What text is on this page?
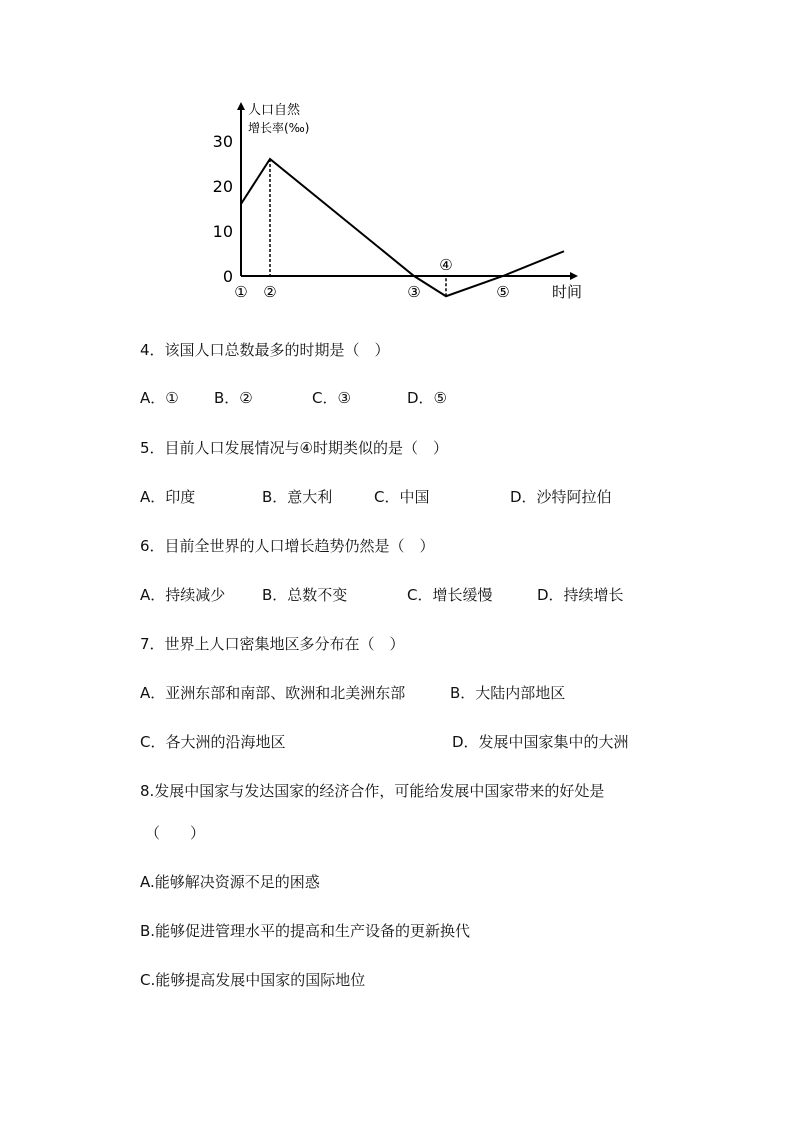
人口自然
增长率(‰)
0
10
20
30
时间
① ②	③
④
⑤
4．该国人口总数最多的时期是（　）
A．① B．②	C．③	D．⑤
5．目前人口发展情况与④时期类似的是（　）
A．印度	B．意大利	C．中国	D．沙特阿拉伯
6．目前全世界的人口增长趋势仍然是（　）
A．持续减少 B．总数不变	C．增长缓慢	D．持续增长
7．世界上人口密集地区多分布在（　）
A．亚洲东部和南部、欧洲和北美洲东部	B．大陆内部地区
C．各大洲的沿海地区	D．发展中国家集中的大洲
8.发展中国家与发达国家的经济合作，可能给发展中国家带来的好处是
（　　）
A.能够解决资源不足的困惑
B.能够促进管理水平的提高和生产设备的更新换代
C.能够提高发展中国家的国际地位
